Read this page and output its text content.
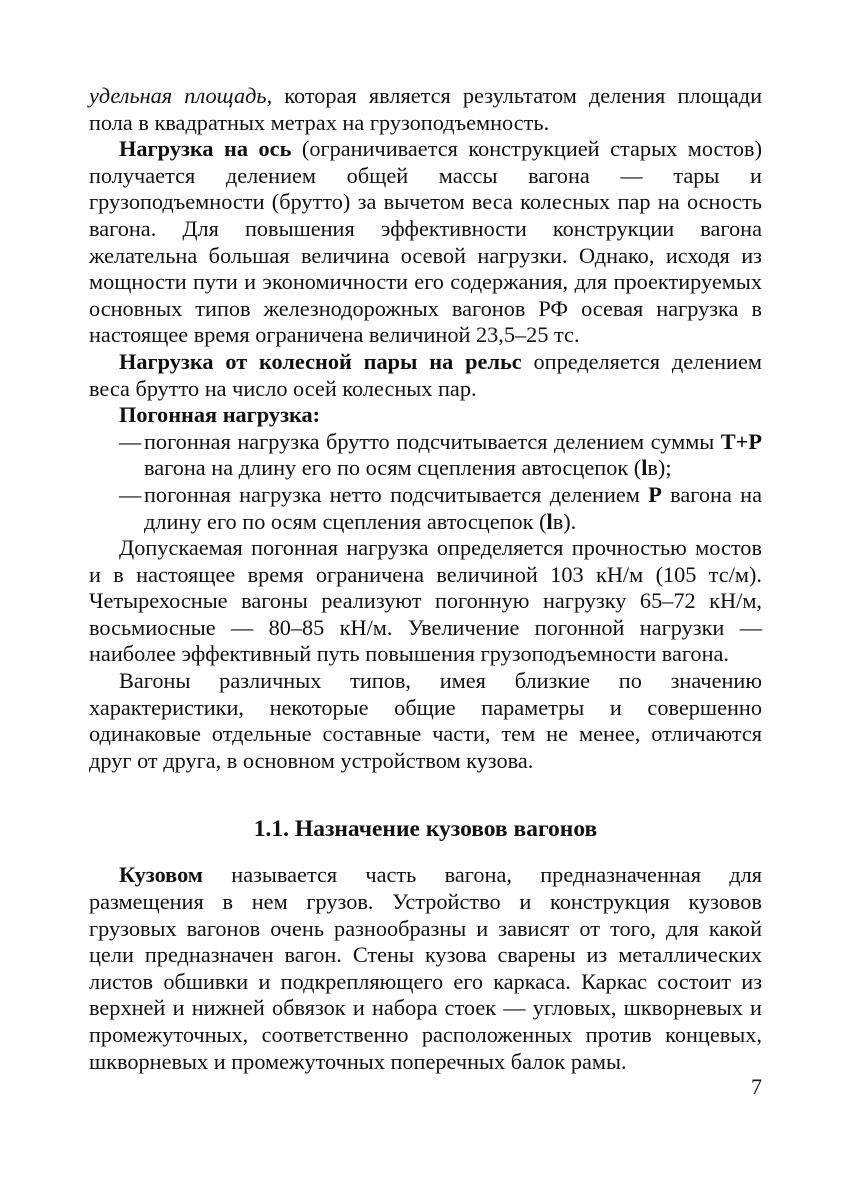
удельная площадь, которая является результатом деления площади пола в квадратных метрах на грузоподъемность.

Нагрузка на ось (ограничивается конструкцией старых мостов) получается делением общей массы вагона — тары и грузоподъемности (брутто) за вычетом веса колесных пар на осность вагона. Для повышения эффективности конструкции вагона желательна большая величина осевой нагрузки. Однако, исходя из мощности пути и экономичности его содержания, для проектируемых основных типов железнодорожных вагонов РФ осевая нагрузка в настоящее время ограничена величиной 23,5–25 тс.

Нагрузка от колесной пары на рельс определяется делением веса брутто на число осей колесных пар.

Погонная нагрузка:

— погонная нагрузка брутто подсчитывается делением суммы Т+Р вагона на длину его по осям сцепления автосцепок (lв);
— погонная нагрузка нетто подсчитывается делением Р вагона на длину его по осям сцепления автосцепок (lв).

Допускаемая погонная нагрузка определяется прочностью мостов и в настоящее время ограничена величиной 103 кН/м (105 тс/м). Четырехосные вагоны реализуют погонную нагрузку 65–72 кН/м, восьмиосные — 80–85 кН/м. Увеличение погонной нагрузки — наиболее эффективный путь повышения грузоподъемности вагона.

Вагоны различных типов, имея близкие по значению характеристики, некоторые общие параметры и совершенно одинаковые отдельные составные части, тем не менее, отличаются друг от друга, в основном устройством кузова.

1.1. Назначение кузовов вагонов

Кузовом называется часть вагона, предназначенная для размещения в нем грузов. Устройство и конструкция кузовов грузовых вагонов очень разнообразны и зависят от того, для какой цели предназначен вагон. Стены кузова сварены из металлических листов обшивки и подкрепляющего его каркаса. Каркас состоит из верхней и нижней обвязок и набора стоек — угловых, шкворневых и промежуточных, соответственно расположенных против концевых, шкворневых и промежуточных поперечных балок рамы.

7
